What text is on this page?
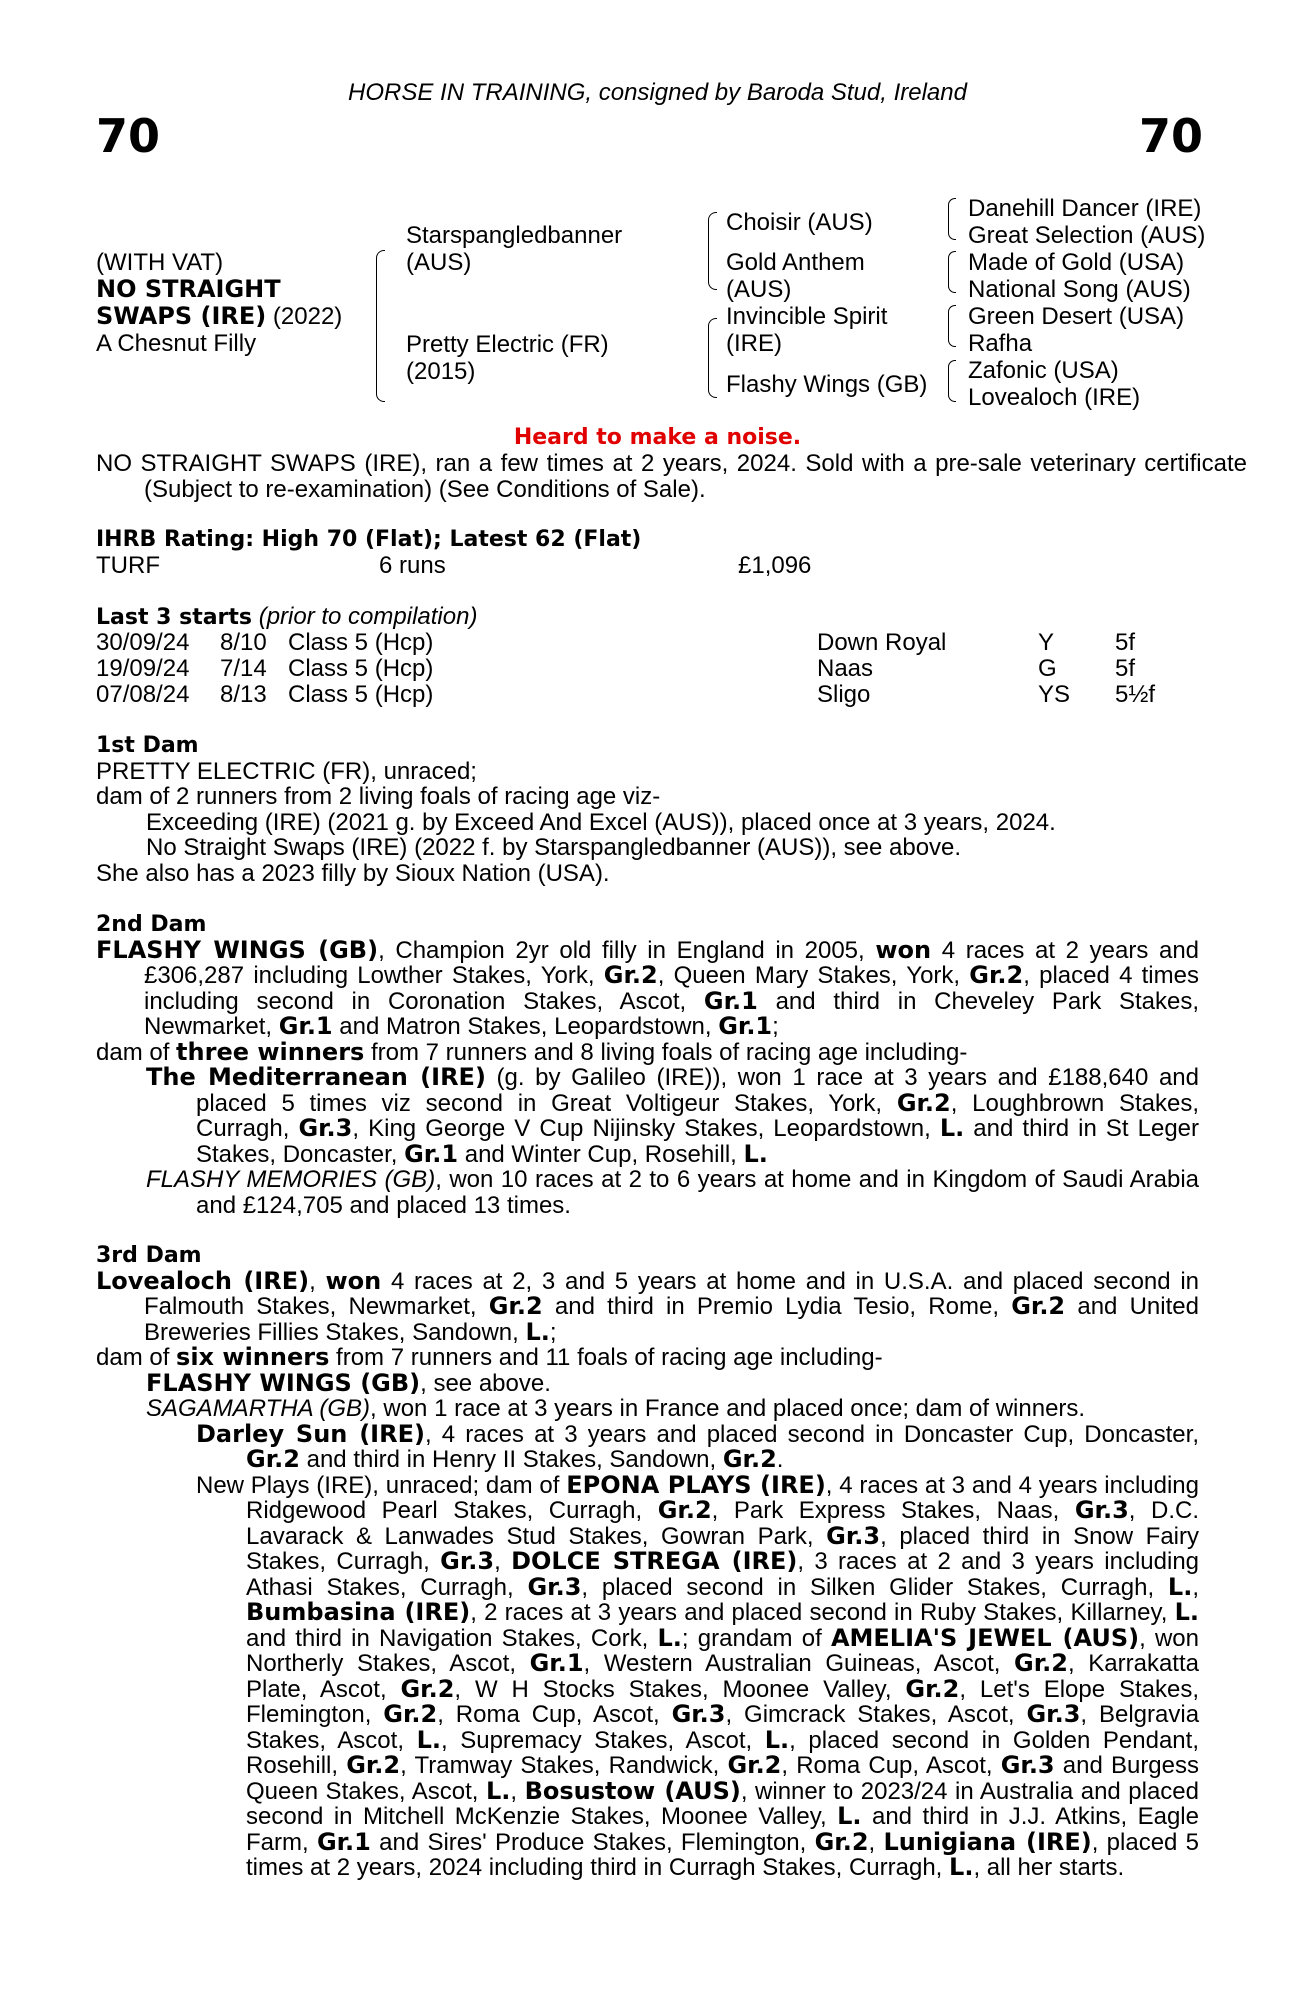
HORSE IN TRAINING, consigned by Baroda Stud, Ireland
70	70
(WITH VAT)
NO STRAIGHT
SWAPS (IRE) (2022)
A Chesnut Filly
Starspangledbanner
(AUS)
Pretty Electric (FR)
(2015)
Choisir (AUS)
Gold Anthem
(AUS)
Invincible Spirit
(IRE)
Flashy Wings (GB)
Danehill Dancer (IRE)
Great Selection (AUS)
Made of Gold (USA)
National Song (AUS)
Green Desert (USA)
Rafha
Zafonic (USA)
Lovealoch (IRE)
Heard to make a noise.
NO STRAIGHT SWAPS (IRE), ran a few times at 2 years, 2024. Sold with a pre-sale veterinary certificate (Subject to re-examination) (See Conditions of Sale).
IHRB Rating: High 70 (Flat); Latest 62 (Flat)
TURF	6 runs	£1,096
Last 3 starts (prior to compilation)
30/09/24 8/10 Class 5 (Hcp)	Down Royal	Y	5f
19/09/24 7/14 Class 5 (Hcp)	Naas	G 5f
07/08/24 8/13 Class 5 (Hcp)	Sligo	YS 5½f
1st Dam
PRETTY ELECTRIC (FR), unraced;
dam of 2 runners from 2 living foals of racing age viz-
Exceeding (IRE) (2021 g. by Exceed And Excel (AUS)), placed once at 3 years, 2024.
No Straight Swaps (IRE) (2022 f. by Starspangledbanner (AUS)), see above.
She also has a 2023 filly by Sioux Nation (USA).
2nd Dam
FLASHY WINGS (GB), Champion 2yr old filly in England in 2005, won 4 races at 2 years and £306,287 including Lowther Stakes, York, Gr.2, Queen Mary Stakes, York, Gr.2, placed 4 times including second in Coronation Stakes, Ascot, Gr.1 and third in Cheveley Park Stakes, Newmarket, Gr.1 and Matron Stakes, Leopardstown, Gr.1;
dam of three winners from 7 runners and 8 living foals of racing age including-
The Mediterranean (IRE) (g. by Galileo (IRE)), won 1 race at 3 years and £188,640 and placed 5 times viz second in Great Voltigeur Stakes, York, Gr.2, Loughbrown Stakes, Curragh, Gr.3, King George V Cup Nijinsky Stakes, Leopardstown, L. and third in St Leger Stakes, Doncaster, Gr.1 and Winter Cup, Rosehill, L.
FLASHY MEMORIES (GB), won 10 races at 2 to 6 years at home and in Kingdom of Saudi Arabia and £124,705 and placed 13 times.
3rd Dam
Lovealoch (IRE), won 4 races at 2, 3 and 5 years at home and in U.S.A. and placed second in Falmouth Stakes, Newmarket, Gr.2 and third in Premio Lydia Tesio, Rome, Gr.2 and United Breweries Fillies Stakes, Sandown, L.;
dam of six winners from 7 runners and 11 foals of racing age including-
FLASHY WINGS (GB), see above.
SAGAMARTHA (GB), won 1 race at 3 years in France and placed once; dam of winners.
Darley Sun (IRE), 4 races at 3 years and placed second in Doncaster Cup, Doncaster, Gr.2 and third in Henry II Stakes, Sandown, Gr.2.
New Plays (IRE), unraced; dam of EPONA PLAYS (IRE), 4 races at 3 and 4 years including Ridgewood Pearl Stakes, Curragh, Gr.2, Park Express Stakes, Naas, Gr.3, D.C. Lavarack & Lanwades Stud Stakes, Gowran Park, Gr.3, placed third in Snow Fairy Stakes, Curragh, Gr.3, DOLCE STREGA (IRE), 3 races at 2 and 3 years including Athasi Stakes, Curragh, Gr.3, placed second in Silken Glider Stakes, Curragh, L., Bumbasina (IRE), 2 races at 3 years and placed second in Ruby Stakes, Killarney, L. and third in Navigation Stakes, Cork, L.; grandam of AMELIA'S JEWEL (AUS), won Northerly Stakes, Ascot, Gr.1, Western Australian Guineas, Ascot, Gr.2, Karrakatta Plate, Ascot, Gr.2, W H Stocks Stakes, Moonee Valley, Gr.2, Let's Elope Stakes, Flemington, Gr.2, Roma Cup, Ascot, Gr.3, Gimcrack Stakes, Ascot, Gr.3, Belgravia Stakes, Ascot, L., Supremacy Stakes, Ascot, L., placed second in Golden Pendant, Rosehill, Gr.2, Tramway Stakes, Randwick, Gr.2, Roma Cup, Ascot, Gr.3 and Burgess Queen Stakes, Ascot, L., Bosustow (AUS), winner to 2023/24 in Australia and placed second in Mitchell McKenzie Stakes, Moonee Valley, L. and third in J.J. Atkins, Eagle Farm, Gr.1 and Sires' Produce Stakes, Flemington, Gr.2, Lunigiana (IRE), placed 5 times at 2 years, 2024 including third in Curragh Stakes, Curragh, L., all her starts.
